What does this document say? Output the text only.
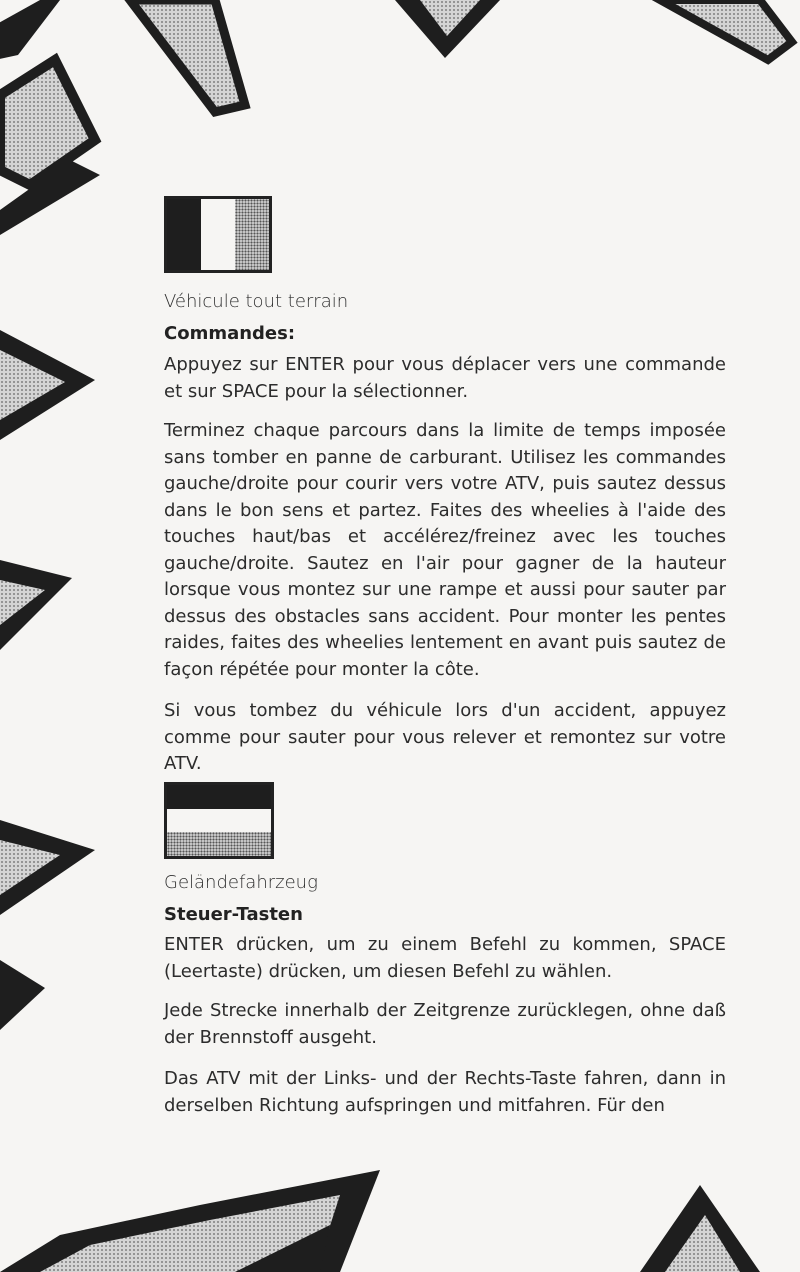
Véhicule tout terrain
Commandes:
Appuyez sur ENTER pour vous déplacer vers une commande et sur SPACE pour la sélectionner.
Terminez chaque parcours dans la limite de temps imposée sans tomber en panne de carburant. Utilisez les commandes gauche/droite pour courir vers votre ATV, puis sautez dessus dans le bon sens et partez. Faites des wheelies à l'aide des touches haut/bas et accélérez/freinez avec les touches gauche/droite. Sautez en l'air pour gagner de la hauteur lorsque vous montez sur une rampe et aussi pour sauter par dessus des obstacles sans accident. Pour monter les pentes raides, faites des wheelies lentement en avant puis sautez de façon répétée pour monter la côte.
Si vous tombez du véhicule lors d'un accident, appuyez comme pour sauter pour vous relever et remontez sur votre ATV.
Geländefahrzeug
Steuer-Tasten
ENTER drücken, um zu einem Befehl zu kommen, SPACE (Leertaste) drücken, um diesen Befehl zu wählen.
Jede Strecke innerhalb der Zeitgrenze zurücklegen, ohne daß der Brennstoff ausgeht.
Das ATV mit der Links- und der Rechts-Taste fahren, dann in derselben Richtung aufspringen und mitfahren. Für den
